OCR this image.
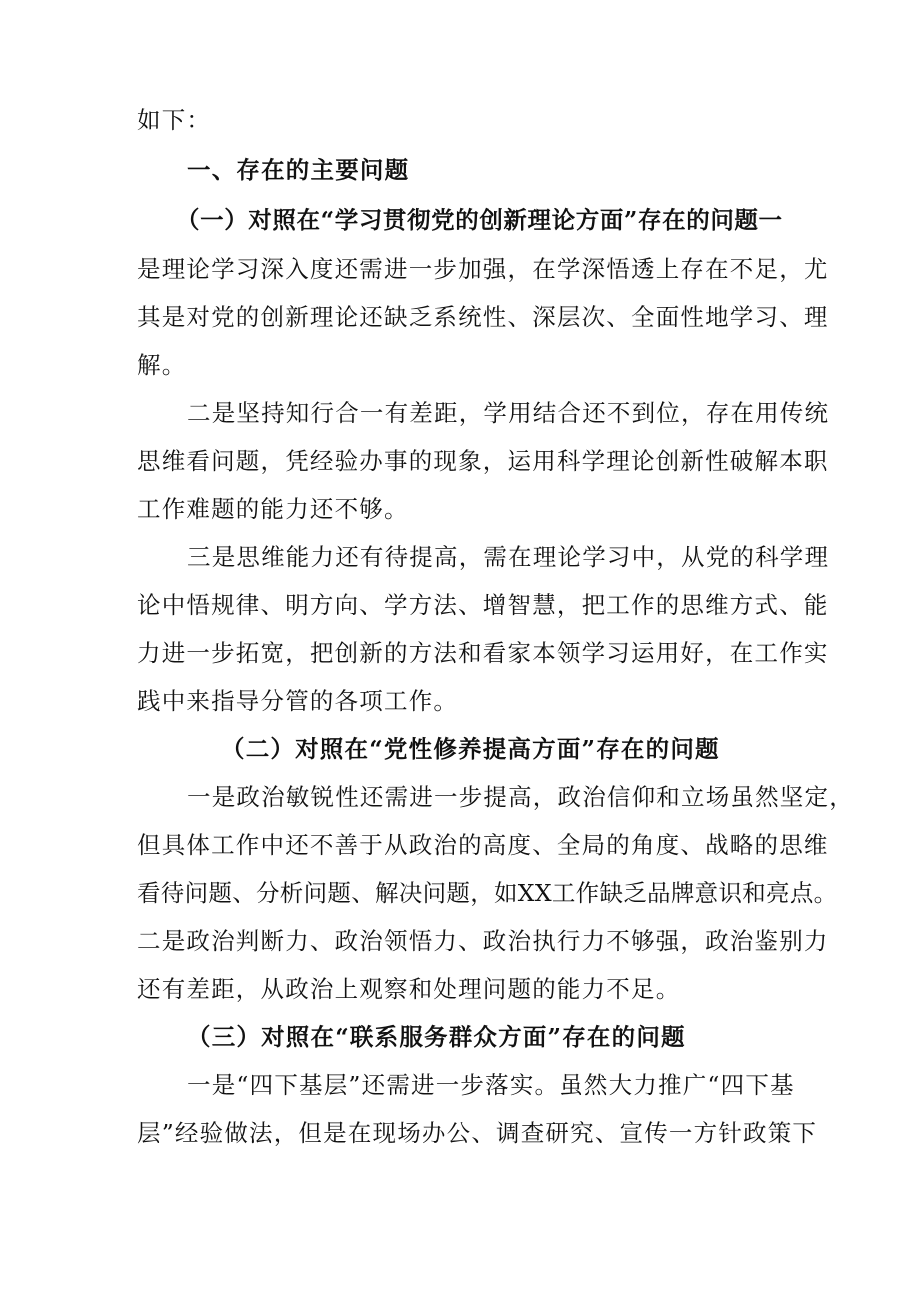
如下：

一、存在的主要问题

（一）对照在“学习贯彻党的创新理论方面”存在的问题一

是理论学习深入度还需进一步加强，在学深悟透上存在不足，尤

其是对党的创新理论还缺乏系统性、深层次、全面性地学习、理

解。

二是坚持知行合一有差距，学用结合还不到位，存在用传统

思维看问题，凭经验办事的现象，运用科学理论创新性破解本职

工作难题的能力还不够。

三是思维能力还有待提高，需在理论学习中，从党的科学理

论中悟规律、明方向、学方法、增智慧，把工作的思维方式、能

力进一步拓宽，把创新的方法和看家本领学习运用好，在工作实

践中来指导分管的各项工作。

（二）对照在“党性修养提高方面”存在的问题

一是政治敏锐性还需进一步提高，政治信仰和立场虽然坚定，

但具体工作中还不善于从政治的高度、全局的角度、战略的思维

看待问题、分析问题、解决问题，如XX工作缺乏品牌意识和亮点。

二是政治判断力、政治领悟力、政治执行力不够强，政治鉴别力

还有差距，从政治上观察和处理问题的能力不足。

（三）对照在“联系服务群众方面”存在的问题

一是“四下基层”还需进一步落实。虽然大力推广“四下基

层”经验做法，但是在现场办公、调查研究、宣传一方针政策下
